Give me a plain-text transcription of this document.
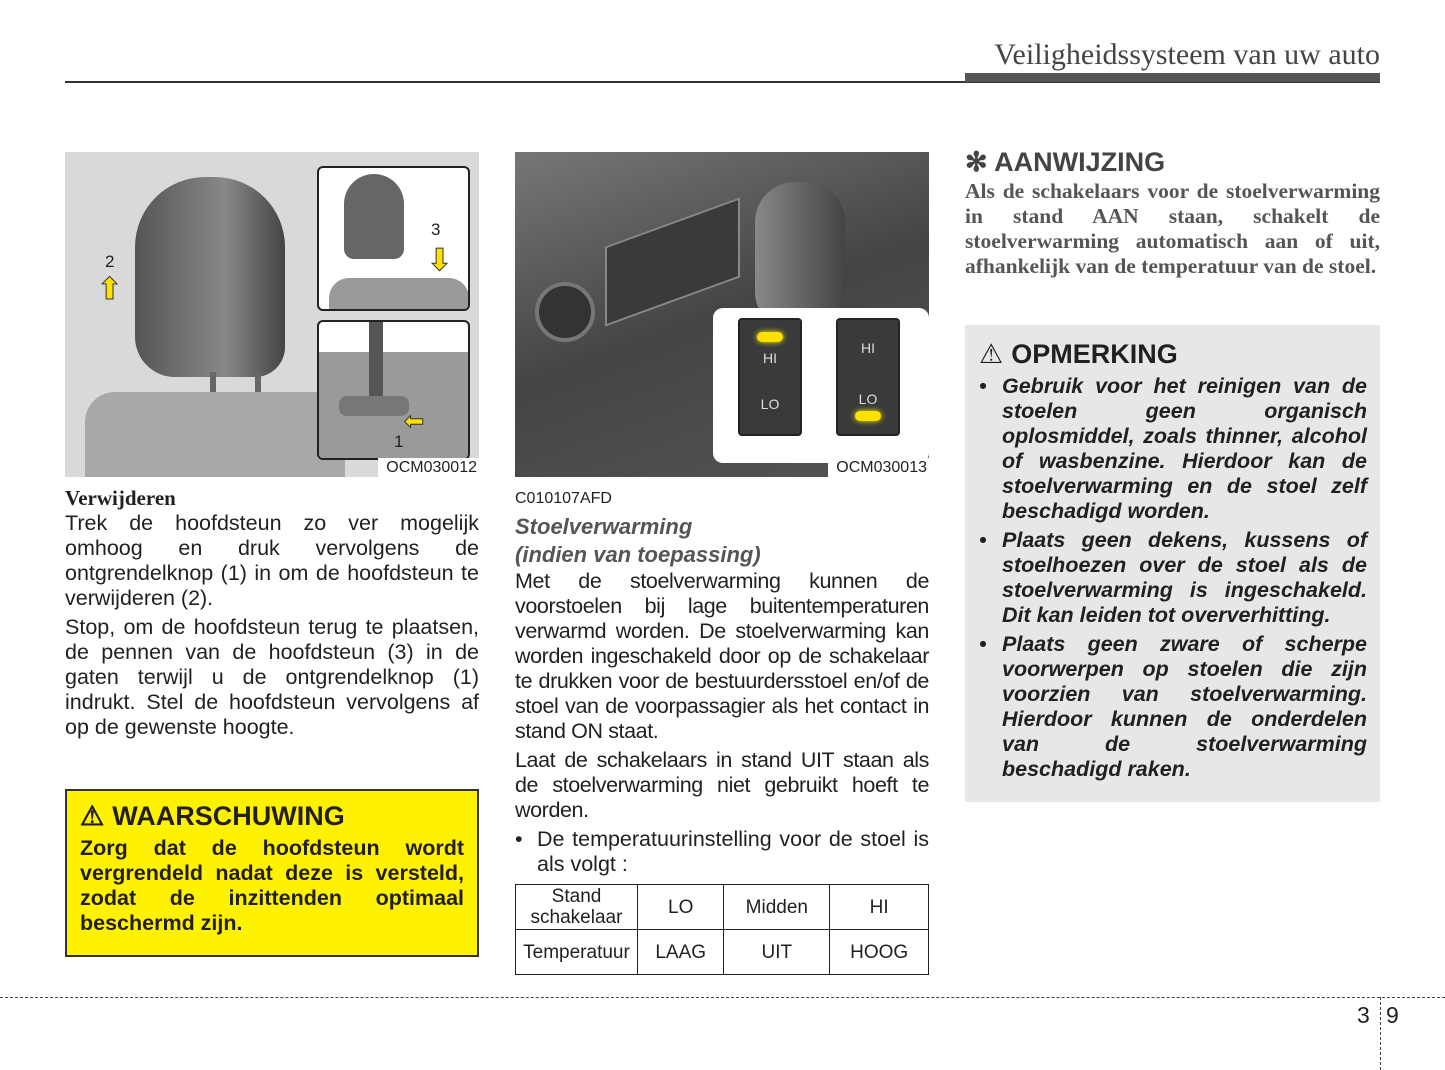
Veiligheidssysteem van uw auto
3
⬇
⬅
1
2
⬆
OCM030012
HI
LO
HI
LO
OCM030013
Verwijderen

Trek de hoofdsteun zo ver mogelijk omhoog en druk vervolgens de ontgrendelknop (1) in om de hoofdsteun te verwijderen (2).

Stop, om de hoofdsteun terug te plaatsen, de pennen van de hoofdsteun (3) in de gaten terwijl u de ontgrendelknop (1) indrukt. Stel de hoofdsteun vervolgens af op de gewenste hoogte.

⚠ WAARSCHUWING

Zorg dat de hoofdsteun wordt vergrendeld nadat deze is versteld, zodat de inzittenden optimaal beschermd zijn.

C010107AFD
Stoelverwarming
(indien van toepassing)

Met de stoelverwarming kunnen de voorstoelen bij lage buitentemperaturen verwarmd worden. De stoelverwarming kan worden ingeschakeld door op de schakelaar te drukken voor de bestuurdersstoel en/of de stoel van de voorpassagier als het contact in stand ON staat.

Laat de schakelaars in stand UIT staan als de stoelverwarming niet gebruikt hoeft te worden.

• De temperatuurinstelling voor de stoel is als volgt :

Stand schakelaar	LO	Midden	HI
Temperatuur	LAAG	UIT	HOOG
✻ AANWIJZING

Als de schakelaars voor de stoelverwarming in stand AAN staan, schakelt de stoelverwarming automatisch aan of uit, afhankelijk van de temperatuur van de stoel.

⚠ OPMERKING
• Gebruik voor het reinigen van de stoelen geen organisch oplosmiddel, zoals thinner, alcohol of wasbenzine. Hierdoor kan de stoelverwarming en de stoel zelf beschadigd worden.
• Plaats geen dekens, kussens of stoelhoezen over de stoel als de stoelverwarming is ingeschakeld. Dit kan leiden tot oververhitting.
• Plaats geen zware of scherpe voorwerpen op stoelen die zijn voorzien van stoelverwarming. Hierdoor kunnen de onderdelen van de stoelverwarming beschadigd raken.
3 9
